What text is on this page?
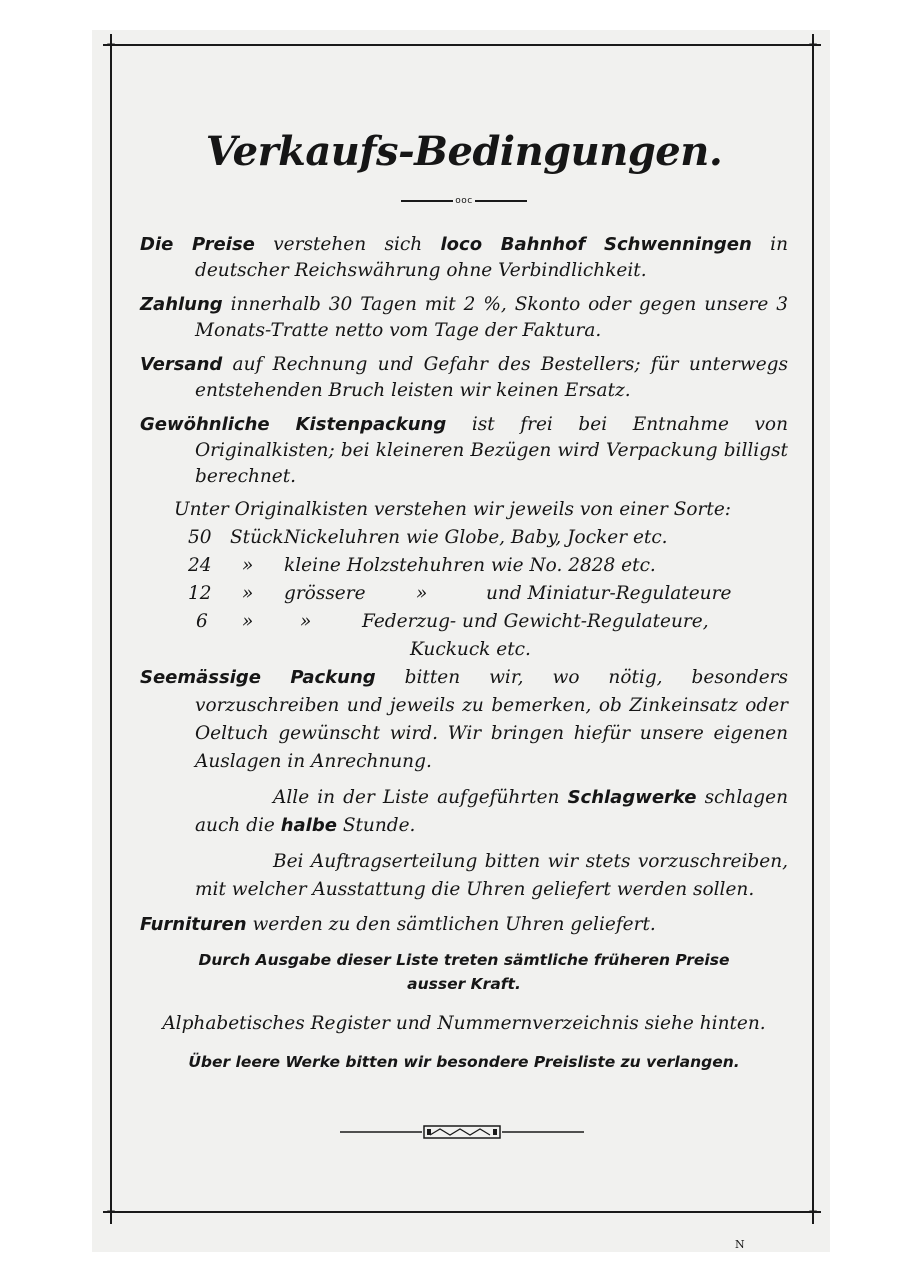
+	+
+	+
Verkaufs-Bedingungen.
ooc

Die Preise verstehen sich loco Bahnhof Schwenningen in deutscher Reichswährung ohne Verbindlichkeit.

Zahlung innerhalb 30 Tagen mit 2 %, Skonto oder gegen unsere 3 Monats-Tratte netto vom Tage der Faktura.

Versand auf Rechnung und Gefahr des Bestellers; für unterwegs entstehenden Bruch leisten wir keinen Ersatz.

Gewöhnliche Kistenpackung ist frei bei Entnahme von Originalkisten; bei kleineren Bezügen wird Verpackung billigst berechnet.

Unter Originalkisten verstehen wir jeweils von einer Sorte:

50 Stück Nickeluhren wie Globe, Baby, Jocker etc.
24	»	kleine Holzstehuhren wie No. 2828 etc.
12	»	grössere	»	und Miniatur-Regulateure
6	»	»	Federzug- und Gewicht-Regulateure,
Kuckuck etc.

Seemässige Packung bitten wir, wo nötig, besonders vorzuschreiben und jeweils zu bemerken, ob Zinkeinsatz oder Oeltuch gewünscht wird. Wir bringen hiefür unsere eigenen Auslagen in Anrechnung.

Alle in der Liste aufgeführten Schlagwerke schlagen auch die halbe Stunde.

Bei Auftragserteilung bitten wir stets vorzuschreiben, mit welcher Ausstattung die Uhren geliefert werden sollen.

Furnituren werden zu den sämtlichen Uhren geliefert.

Durch Ausgabe dieser Liste treten sämtliche früheren Preise ausser Kraft.

Alphabetisches Register und Nummernverzeichnis siehe hinten.

Über leere Werke bitten wir besondere Preisliste zu verlangen.

N
